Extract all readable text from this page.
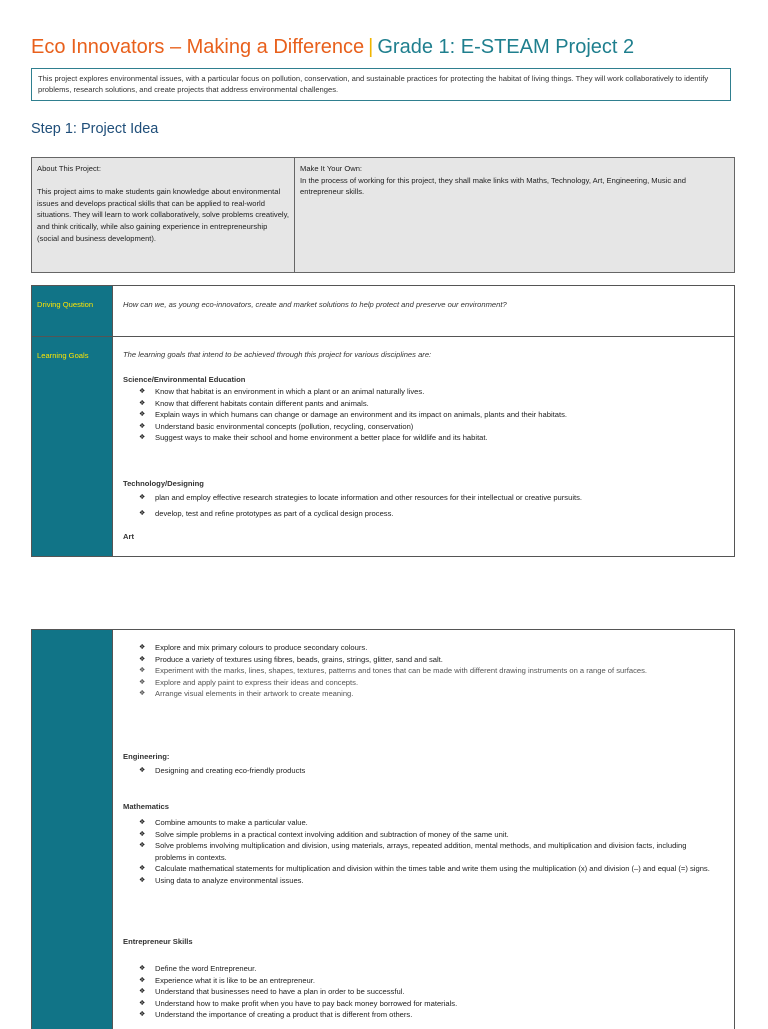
Eco Innovators – Making a Difference | Grade 1: E-STEAM Project 2
This project explores environmental issues, with a particular focus on pollution, conservation, and sustainable practices for protecting the habitat of living things. They will work collaboratively to identify problems, research solutions, and create projects that address environmental challenges.
Step 1: Project Idea
About This Project:
This project aims to make students gain knowledge about environmental issues and develops practical skills that can be applied to real-world situations. They will learn to work collaboratively, solve problems creatively, and think critically, while also gaining experience in entrepreneurship (social and business development).
Make It Your Own:
In the process of working for this project, they shall make links with Maths, Technology, Art, Engineering, Music and entrepreneur skills.
Driving Question
Learning Goals
How can we, as young eco-innovators, create and market solutions to help protect and preserve our environment?
The learning goals that intend to be achieved through this project for various disciplines are:
Science/Environmental Education
❖ Know that habitat is an environment in which a plant or an animal naturally lives.
❖ Know that different habitats contain different pants and animals.
❖ Explain ways in which humans can change or damage an environment and its impact on animals, plants and their habitats.
❖ Understand basic environmental concepts (pollution, recycling, conservation)
❖ Suggest ways to make their school and home environment a better place for wildlife and its habitat.
Technology/Designing
❖ plan and employ effective research strategies to locate information and other resources for their intellectual or creative pursuits.
❖ develop, test and refine prototypes as part of a cyclical design process.
Art
❖ Explore and mix primary colours to produce secondary colours.
❖ Produce a variety of textures using fibres, beads, grains, strings, glitter, sand and salt.
❖ Experiment with the marks, lines, shapes, textures, patterns and tones that can be made with different drawing instruments on a range of surfaces.
❖ Explore and apply paint to express their ideas and concepts.
❖ Arrange visual elements in their artwork to create meaning.
Engineering:
❖ Designing and creating eco-friendly products
Mathematics
❖ Combine amounts to make a particular value.
❖ Solve simple problems in a practical context involving addition and subtraction of money of the same unit.
❖ Solve problems involving multiplication and division, using materials, arrays, repeated addition, mental methods, and multiplication and division facts, including problems in contexts.
❖ Calculate mathematical statements for multiplication and division within the times table and write them using the multiplication (x) and division (–) and equal (=) signs.
❖ Using data to analyze environmental issues.
Entrepreneur Skills
❖ Define the word Entrepreneur.
❖ Experience what it is like to be an entrepreneur.
❖ Understand that businesses need to have a plan in order to be successful.
❖ Understand how to make profit when you have to pay back money borrowed for materials.
❖ Understand the importance of creating a product that is different from others.
